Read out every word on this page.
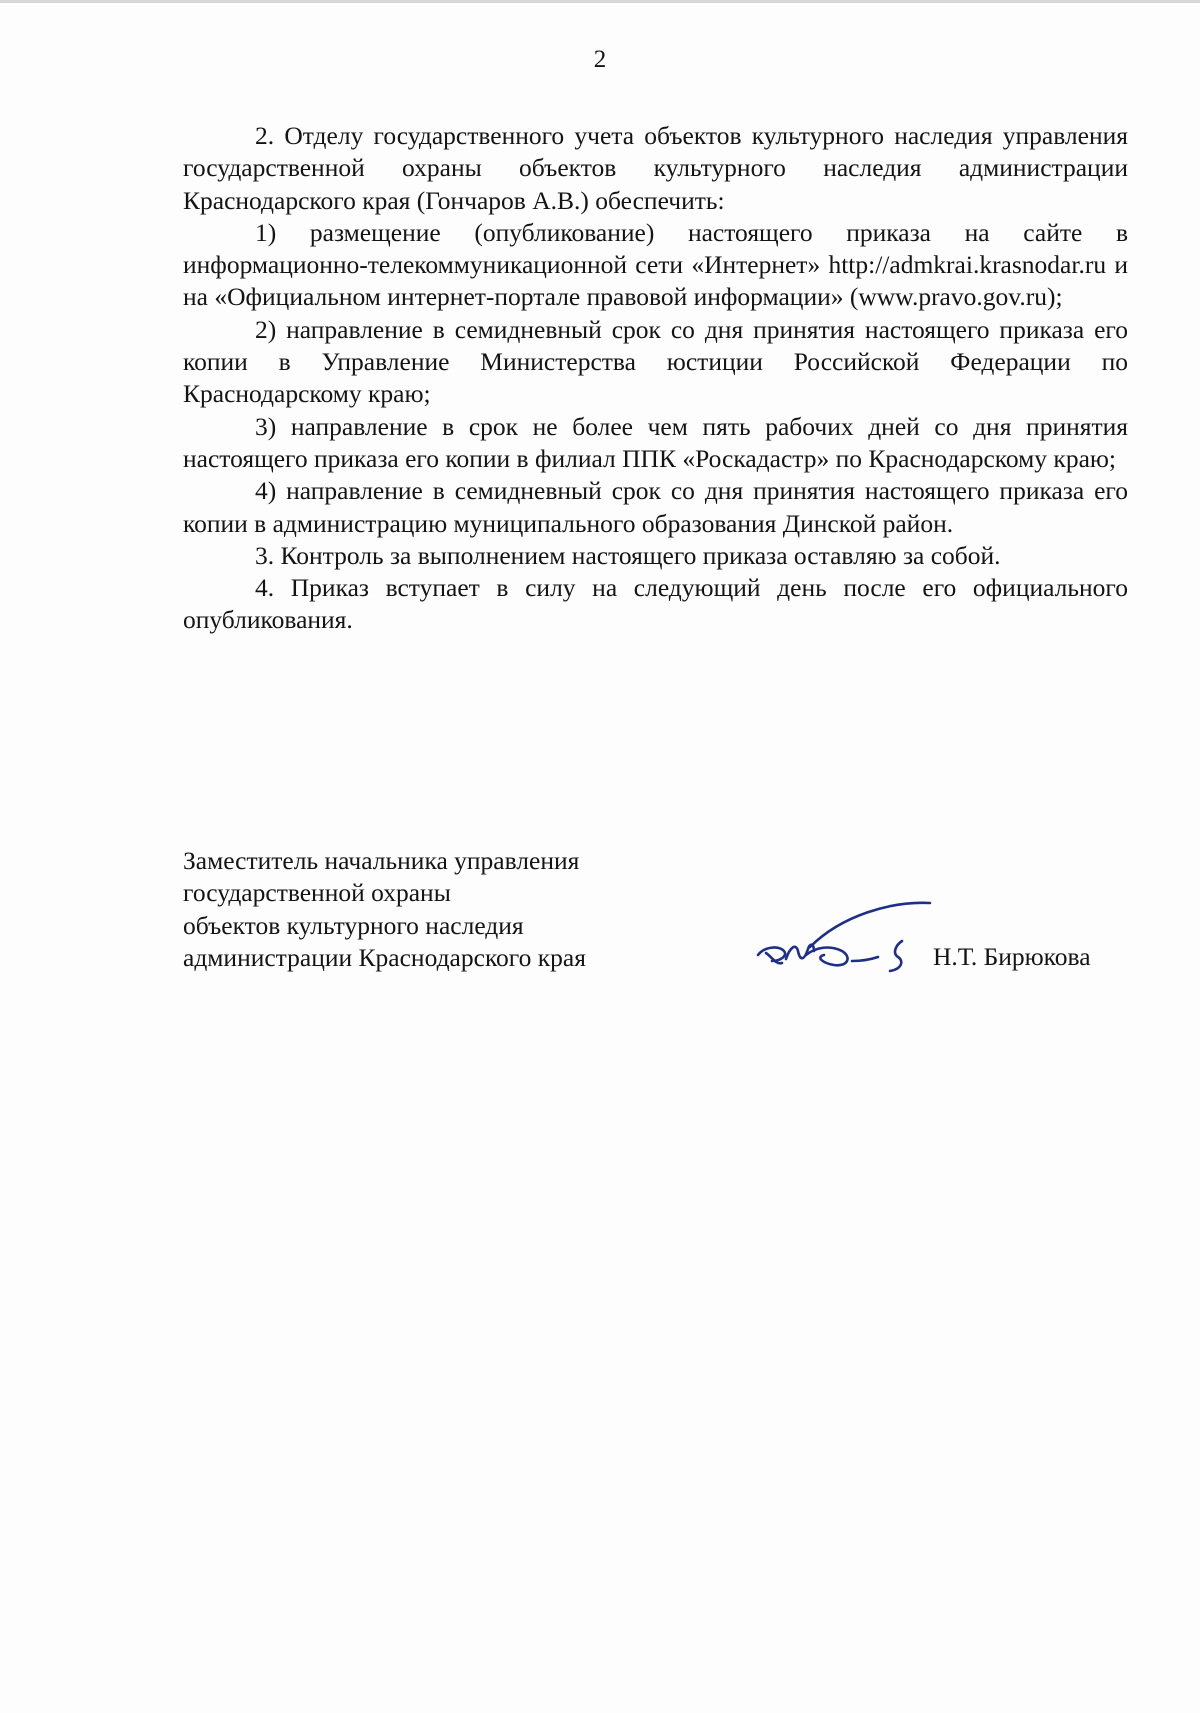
2

2. Отделу государственного учета объектов культурного наследия управления государственной охраны объектов культурного наследия администрации Краснодарского края (Гончаров А.В.) обеспечить:

1) размещение (опубликование) настоящего приказа на сайте в информационно-телекоммуникационной сети «Интернет» http://admkrai.krasnodar.ru и на «Официальном интернет-портале правовой информации» (www.pravo.gov.ru);

2) направление в семидневный срок со дня принятия настоящего приказа его копии в Управление Министерства юстиции Российской Федерации по Краснодарскому краю;

3) направление в срок не более чем пять рабочих дней со дня принятия настоящего приказа его копии в филиал ППК «Роскадастр» по Краснодарскому краю;

4) направление в семидневный срок со дня принятия настоящего приказа его копии в администрацию муниципального образования Динской район.

3. Контроль за выполнением настоящего приказа оставляю за собой.

4. Приказ вступает в силу на следующий день после его официального опубликования.

Заместитель начальника управления
государственной охраны
объектов культурного наследия
администрации Краснодарского края	Н.Т. Бирюкова
